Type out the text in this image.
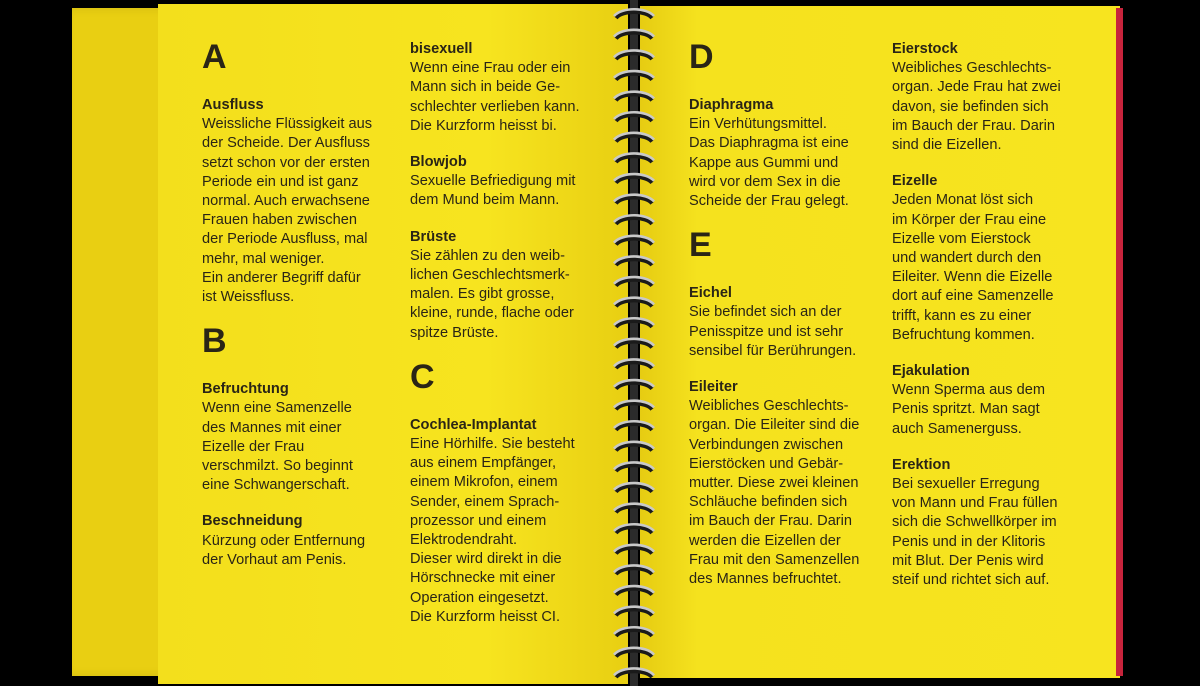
A
Ausfluss
Weissliche Flüssigkeit aus
der Scheide. Der Ausfluss
setzt schon vor der ersten
Periode ein und ist ganz
normal. Auch erwachsene
Frauen haben zwischen
der Periode Ausfluss, mal
mehr, mal weniger.
Ein anderer Begriff dafür
ist Weissfluss.
B
Befruchtung
Wenn eine Samenzelle
des Mannes mit einer
Eizelle der Frau
verschmilzt. So beginnt
eine Schwangerschaft.
Beschneidung
Kürzung oder Entfernung
der Vorhaut am Penis.
bisexuell
Wenn eine Frau oder ein
Mann sich in beide Ge-
schlechter verlieben kann.
Die Kurzform heisst bi.
Blowjob
Sexuelle Befriedigung mit
dem Mund beim Mann.
Brüste
Sie zählen zu den weib-
lichen Geschlechtsmerk-
malen. Es gibt grosse,
kleine, runde, flache oder
spitze Brüste.
C
Cochlea-Implantat
Eine Hörhilfe. Sie besteht
aus einem Empfänger,
einem Mikrofon, einem
Sender, einem Sprach-
prozessor und einem
Elektrodendraht.
Dieser wird direkt in die
Hörschnecke mit einer
Operation eingesetzt.
Die Kurzform heisst CI.
D
Diaphragma
Ein Verhütungsmittel.
Das Diaphragma ist eine
Kappe aus Gummi und
wird vor dem Sex in die
Scheide der Frau gelegt.
E
Eichel
Sie befindet sich an der
Penisspitze und ist sehr
sensibel für Berührungen.
Eileiter
Weibliches Geschlechts-
organ. Die Eileiter sind die
Verbindungen zwischen
Eierstöcken und Gebär-
mutter. Diese zwei kleinen
Schläuche befinden sich
im Bauch der Frau. Darin
werden die Eizellen der
Frau mit den Samenzellen
des Mannes befruchtet.
Eierstock
Weibliches Geschlechts-
organ. Jede Frau hat zwei
davon, sie befinden sich
im Bauch der Frau. Darin
sind die Eizellen.
Eizelle
Jeden Monat löst sich
im Körper der Frau eine
Eizelle vom Eierstock
und wandert durch den
Eileiter. Wenn die Eizelle
dort auf eine Samenzelle
trifft, kann es zu einer
Befruchtung kommen.
Ejakulation
Wenn Sperma aus dem
Penis spritzt. Man sagt
auch Samenerguss.
Erektion
Bei sexueller Erregung
von Mann und Frau füllen
sich die Schwellkörper im
Penis und in der Klitoris
mit Blut. Der Penis wird
steif und richtet sich auf.
